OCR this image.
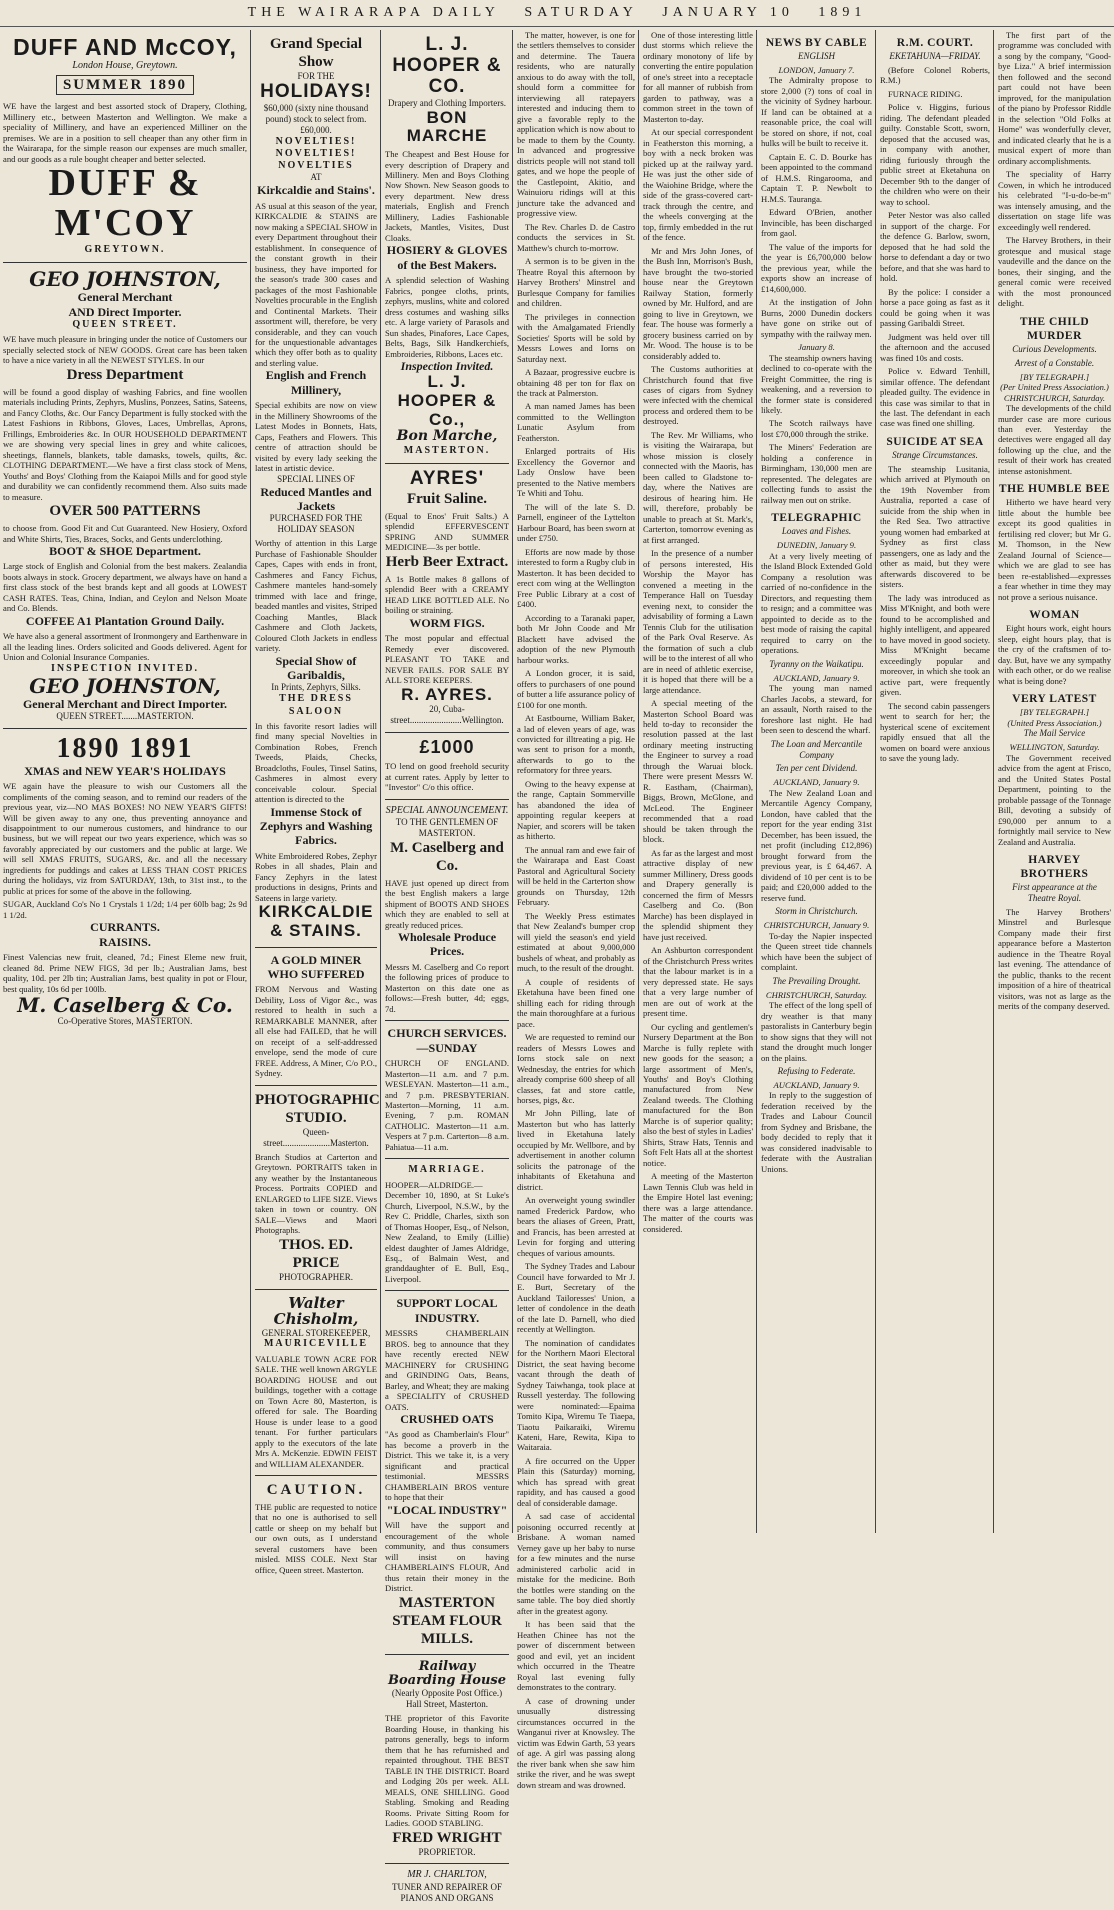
THE WAIRARAPA DAILY SATURDAY JANUARY 10 1891
DUFF AND McCOY,
London House, Greytown.
SUMMER 1890
WE have the largest and best assorted stock of Drapery, Clothing, Millinery etc., between Masterton and Wellington. We make a speciality of Millinery, and have an experienced Milliner on the premises. We are in a position to sell cheaper than any other firm in the Wairarapa, for the simple reason our expenses are much smaller, and our goods as a rule bought cheaper and better selected.
DUFF & M'COY
GREYTOWN.
GEO JOHNSTON,
General Merchant
AND Direct Importer.
QUEEN STREET.
WE have much pleasure in bringing under the notice of Customers our specially selected stock of NEW GOODS. Great care has been taken to have a nice variety in all the NEWEST STYLES. In our
Dress Department
will be found a good display of washing Fabrics, and fine woollen materials including Prints, Zephyrs, Muslins, Ponzees, Satins, Sateens, and Fancy Cloths, &c. Our Fancy Department is fully stocked with the Latest Fashions in Ribbons, Gloves, Laces, Umbrellas, Aprons, Frillings, Embroideries &c. In OUR HOUSEHOLD DEPARTMENT we are showing very special lines in grey and white calicoes, sheetings, flannels, blankets, table damasks, towels, quilts, &c. CLOTHING DEPARTMENT.—We have a first class stock of Mens, Youths' and Boys' Clothing from the Kaiapoi Mills and for good style and durability we can confidently recommend them. Also suits made to measure.
OVER 500 PATTERNS
to choose from. Good Fit and Cut Guaranteed. New Hosiery, Oxford and White Shirts, Ties, Braces, Socks, and Gents underclothing.
BOOT & SHOE Department.
Large stock of English and Colonial from the best makers. Zealandia boots always in stock. Grocery department, we always have on hand a first class stock of the best brands kept and all goods at LOWEST CASH RATES. Teas, China, Indian, and Ceylon and Nelson Moate and Co. Blends.
COFFEE A1 Plantation Ground Daily.
We have also a general assortment of Ironmongery and Earthenware in all the leading lines. Orders solicited and Goods delivered. Agent for Union and Colonial Insurance Companies.
INSPECTION INVITED.
GEO JOHNSTON,
General Merchant and Direct Importer.
QUEEN STREET.......MASTERTON.
1890 1891
XMAS and NEW YEAR'S HOLIDAYS
WE again have the pleasure to wish our Customers all the compliments of the coming season, and to remind our readers of the previous year, viz—NO MAS BOXES! NO NEW YEAR'S GIFTS! Will be given away to any one, thus preventing annoyance and disappointment to our numerous customers, and hindrance to our business, but we will repeat our two years experience, which was so favorably appreciated by our customers and the public at large. We will sell XMAS FRUITS, SUGARS, &c. and all the necessary ingredients for puddings and cakes at LESS THAN COST PRICES during the holidays, viz from SATURDAY, 13th, to 31st inst., to the public at prices for some of the above in the following.
SUGAR, Auckland Co's No 1 Crystals 1 1/2d; 1/4 per 60lb bag; 2s 9d 1 1/2d.
CURRANTS.
RAISINS.
Finest Valencias new fruit, cleaned, 7d.; Finest Eleme new fruit, cleaned 8d. Prime NEW FIGS, 3d per lb.; Australian Jams, best quality, 10d. per 2lb tin; Australian Jams, best quality in pot or Flour, best quality, 10s 6d per 100lb.
M. Caselberg & Co.
Co-Operative Stores, MASTERTON.
Grand Special Show
FOR THE
HOLIDAYS!
$60,000 (sixty nine thousand pound) stock to select from. £60,000.
NOVELTIES!
NOVELTIES!
NOVELTIES
AT
Kirkcaldie and Stains'.
AS usual at this season of the year, KIRKCALDIE & STAINS are now making a SPECIAL SHOW in every Department throughout their establishment. In consequence of the constant growth in their business, they have imported for the season's trade 300 cases and packages of the most Fashionable Novelties procurable in the English and Continental Markets. Their assortment will, therefore, be very considerable, and they can vouch for the unquestionable advantages which they offer both as to quality and sterling value.
English and French Millinery,
Special exhibits are now on view in the Millinery Showrooms of the Latest Modes in Bonnets, Hats, Caps, Feathers and Flowers. This centre of attraction should be visited by every lady seeking the latest in artistic device.
SPECIAL LINES OF
Reduced Mantles and Jackets
PURCHASED FOR THE HOLIDAY SEASON
Worthy of attention in this Large Purchase of Fashionable Shoulder Capes, Capes with ends in front, Cashmeres and Fancy Fichus, Cashmere manteles hand-somely trimmed with lace and fringe, beaded mantles and visites, Striped Coaching Mantles, Black Cashmere and Cloth Jackets, Coloured Cloth Jackets in endless variety.
Special Show of Garibaldis,
In Prints, Zephyrs, Silks.
THE DRESS SALOON
In this favorite resort ladies will find many special Novelties in Combination Robes, French Tweeds, Plaids, Checks, Broadcloths, Foules, Tinsel Satins, Cashmeres in almost every conceivable colour. Special attention is directed to the
Immense Stock of Zephyrs and Washing Fabrics.
White Embroidered Robes, Zephyr Robes in all shades, Plain and Fancy Zephyrs in the latest productions in designs, Prints and Sateens in large variety.
KIRKCALDIE & STAINS.
A GOLD MINER WHO SUFFERED
FROM Nervous and Wasting Debility, Loss of Vigor &c., was restored to health in such a REMARKABLE MANNER, after all else had FAILED, that he will on receipt of a self-addressed envelope, send the mode of cure FREE. Address, A Miner, C/o P.O., Sydney.
PHOTOGRAPHIC STUDIO.
Queen-street.....................Masterton.
Branch Studios at Carterton and Greytown. PORTRAITS taken in any weather by the Instantaneous Process. Portraits COPIED and ENLARGED to LIFE SIZE. Views taken in town or country. ON SALE—Views and Maori Photographs.
THOS. ED. PRICE
PHOTOGRAPHER.
Walter Chisholm,
GENERAL STOREKEEPER,
MAURICEVILLE
VALUABLE TOWN ACRE FOR SALE. THE well known ARGYLE BOARDING HOUSE and out buildings, together with a cottage on Town Acre 80, Masterton, is offered for sale. The Boarding House is under lease to a good tenant. For further particulars apply to the executors of the late Mrs A. McKenzie. EDWIN FEIST and WILLIAM ALEXANDER.
CAUTION.
THE public are requested to notice that no one is authorised to sell cattle or sheep on my behalf but our own outs, as I understand several customers have been misled. MISS COLE. Next Star office, Queen street. Masterton.
L. J. HOOPER & CO.
Drapery and Clothing Importers.
BON MARCHE
The Cheapest and Best House for every description of Drapery and Millinery. Men and Boys Clothing Now Shown. New Season goods to every department. New dress materials, English and French Millinery, Ladies Fashionable Jackets, Mantles, Visites, Dust Cloaks.
HOSIERY & GLOVES of the Best Makers.
A splendid selection of Washing Fabrics, pongee cloths, prints, zephyrs, muslins, white and colored dress costumes and washing silks etc. A large variety of Parasols and Sun shades, Pinafores, Lace Capes, Belts, Bags, Silk Handkerchiefs, Embroideries, Ribbons, Laces etc.
Inspection Invited.
L. J. HOOPER & Co.,
Bon Marche,
MASTERTON.
AYRES'
Fruit Saline.
(Equal to Enos' Fruit Salts.) A splendid EFFERVESCENT SPRING AND SUMMER MEDICINE—3s per bottle.
Herb Beer Extract.
A 1s Bottle makes 8 gallons of splendid Beer with a CREAMY HEAD LIKE BOTTLED ALE. No boiling or straining.
WORM FIGS.
The most popular and effectual Remedy ever discovered. PLEASANT TO TAKE and NEVER FAILS. FOR SALE BY ALL STORE KEEPERS.
R. AYRES.
20, Cuba-street.......................Wellington.
£1000
TO lend on good freehold security at current rates. Apply by letter to "Investor" C/o this office.
SPECIAL ANNOUNCEMENT.
TO THE GENTLEMEN OF MASTERTON.
M. Caselberg and Co.
HAVE just opened up direct from the best English makers a large shipment of BOOTS AND SHOES which they are enabled to sell at greatly reduced prices.
Wholesale Produce Prices.
Messrs M. Caselberg and Co report the following prices of produce to Masterton on this date one as follows:—Fresh butter, 4d; eggs, 7d.
CHURCH SERVICES.—SUNDAY
CHURCH OF ENGLAND. Masterton—11 a.m. and 7 p.m. WESLEYAN. Masterton—11 a.m., and 7 p.m. PRESBYTERIAN. Masterton—Morning, 11 a.m. Evening, 7 p.m. ROMAN CATHOLIC. Masterton—11 a.m. Vespers at 7 p.m. Carterton—8 a.m. Pahiatua—11 a.m.
MARRIAGE.
HOOPER—ALDRIDGE.—December 10, 1890, at St Luke's Church, Liverpool, N.S.W., by the Rev C. Priddle, Charles, sixth son of Thomas Hooper, Esq., of Nelson, New Zealand, to Emily (Lillie) eldest daughter of James Aldridge, Esq., of Balmain West, and granddaughter of E. Bull, Esq., Liverpool.
SUPPORT LOCAL INDUSTRY.
MESSRS CHAMBERLAIN BROS. beg to announce that they have recently erected NEW MACHINERY for CRUSHING and GRINDING Oats, Beans, Barley, and Wheat; they are making a SPECIALITY of CRUSHED OATS.
CRUSHED OATS
"As good as Chamberlain's Flour" has become a proverb in the District. This we take it, is a very significant and practical testimonial. MESSRS CHAMBERLAIN BROS venture to hope that their
"LOCAL INDUSTRY"
Will have the support and encouragement of the whole community, and thus consumers will insist on having CHAMBERLAIN'S FLOUR, And thus retain their money in the District.
MASTERTON STEAM FLOUR MILLS.
Railway Boarding House
(Nearly Opposite Post Office.) Hall Street, Masterton.
THE proprietor of this Favorite Boarding House, in thanking his patrons generally, begs to inform them that he has refurnished and repainted throughout. THE BEST TABLE IN THE DISTRICT. Board and Lodging 20s per week. ALL MEALS, ONE SHILLING. Good Stabling. Smoking and Reading Rooms. Private Sitting Room for Ladies. GOOD STABLING.
FRED WRIGHT
PROPRIETOR.
MR J. CHARLTON,
TUNER AND REPAIRER OF PIANOS AND ORGANS

The matter, however, is one for the settlers themselves to consider and determine. The Tauera residents, who are naturally anxious to do away with the toll, should form a committee for interviewing all ratepayers interested and inducing them to give a favorable reply to the application which is now about to be made to them by the County. In advanced and progressive districts people will not stand toll gates, and we hope the people of the Castlepoint, Akitio, and Wainuioru ridings will at this juncture take the advanced and progressive view.

The Rev. Charles D. de Castro conducts the services in St. Matthew's church to-morrow.

A sermon is to be given in the Theatre Royal this afternoon by Harvey Brothers' Minstrel and Burlesque Company for families and children.

The privileges in connection with the Amalgamated Friendly Societies' Sports will be sold by Messrs Lowes and Iorns on Saturday next.

A Bazaar, progressive eucbre is obtaining 48 per ton for flax on the track at Palmerston.

A man named James has been committed to the Wellington Lunatic Asylum from Featherston.

Enlarged portraits of His Excellency the Governor and Lady Onslow have been presented to the Native members Te Whiti and Tohu.

The will of the late S. D. Parnell, engineer of the Lyttelton Harbour Board, has been sworn at under £750.

Efforts are now made by those interested to form a Rugby club in Masterton. It has been decided to erect com wing at the Wellington Free Public Library at a cost of £400.

According to a Taranaki paper, both Mr John Coode and Mr Blackett have advised the adoption of the new Plymouth harbour works.

A London grocer, it is said, offers to purchasers of one pound of butter a life assurance policy of £100 for one month.

At Eastbourne, William Baker, a lad of eleven years of age, was convicted for illtreating a pig. He was sent to prison for a month, afterwards to go to the reformatory for three years.

Owing to the heavy expense at the range, Captain Sommerville has abandoned the idea of appointing regular keepers at Napier, and scorers will be taken as hitherto.

The annual ram and ewe fair of the Wairarapa and East Coast Pastoral and Agricultural Society will be held in the Carterton show grounds on Thursday, 12th February.

The Weekly Press estimates that New Zealand's bumper crop will yield the season's end yield estimated at about 9,000,000 bushels of wheat, and probably as much, to the result of the drought.

A couple of residents of Eketahuna have been fined one shilling each for riding through the main thoroughfare at a furious pace.

We are requested to remind our readers of Messrs Lowes and Iorns stock sale on next Wednesday, the entries for which already comprise 600 sheep of all classes, fat and store cattle, horses, pigs, &c.

Mr John Pilling, late of Masterton but who has latterly lived in Eketahuna lately occupied by Mr. Wellbore, and by advertisement in another column solicits the patronage of the inhabitants of Eketahuna and district.

An overweight young swindler named Frederick Pardow, who bears the aliases of Green, Pratt, and Francis, has been arrested at Levin for forging and uttering cheques of various amounts.

The Sydney Trades and Labour Council have forwarded to Mr J. E. Burt, Secretary of the Auckland Tailoresses' Union, a letter of condolence in the death of the late D. Parnell, who died recently at Wellington.

The nomination of candidates for the Northern Maori Electoral District, the seat having become vacant through the death of Sydney Taiwhanga, took place at Russell yesterday. The following were nominated:—Epaima Tomito Kipa, Wiremu Te Tiaepa, Tiaotu Paikaraiki, Wiremu Kateni, Hare, Rewita, Kipa to Waitaraia.

A fire occurred on the Upper Plain this (Saturday) morning, which has spread with great rapidity, and has caused a good deal of considerable damage.

A sad case of accidental poisoning occurred recently at Brisbane. A woman named Verney gave up her baby to nurse for a few minutes and the nurse administered carbolic acid in mistake for the medicine. Both the bottles were standing on the same table. The boy died shortly after in the greatest agony.

It has been said that the Heathen Chinee has not the power of discernment between good and evil, yet an incident which occurred in the Theatre Royal last evening fully demonstrates to the contrary.

A case of drowning under unusually distressing circumstances occurred in the Wanganui river at Knowsley. The victim was Edwin Garth, 53 years of age. A girl was passing along the river bank when she saw him strike the river, and he was swept down stream and was drowned.

One of those interesting little dust storms which relieve the ordinary monotony of life by converting the entire population of one's street into a receptacle for all manner of rubbish from garden to pathway, was a common street in the town of Masterton to-day.

At our special correspondent in Featherston this morning, a boy with a neck broken was picked up at the railway yard. He was just the other side of the Waiohine Bridge, where the side of the grass-covered cart-track through the centre, and the wheels converging at the top, firmly embedded in the rut of the fence.

Mr and Mrs John Jones, of the Bush Inn, Morrison's Bush, have brought the two-storied house near the Greytown Railway Station, formerly owned by Mr. Hulford, and are going to live in Greytown, we fear. The house was formerly a grocery business carried on by Mr. Wood. The house is to be considerably added to.

The Customs authorities at Christchurch found that five cases of cigars from Sydney were infected with the chemical process and ordered them to be destroyed.

The Rev. Mr Williams, who is visiting the Wairarapa, but whose mission is closely connected with the Maoris, has been called to Gladstone to-day, where the Natives are desirous of hearing him. He will, therefore, probably be unable to preach at St. Mark's, Carterton, tomorrow evening as at first arranged.

In the presence of a number of persons interested, His Worship the Mayor has convened a meeting in the Temperance Hall on Tuesday evening next, to consider the advisability of forming a Lawn Tennis Club for the utilisation of the Park Oval Reserve. As the formation of such a club will be to the interest of all who are in need of athletic exercise, it is hoped that there will be a large attendance.

A special meeting of the Masterton School Board was held to-day to reconsider the resolution passed at the last ordinary meeting instructing the Engineer to survey a road through the Waruai block. There were present Messrs W. R. Eastham, (Chairman), Biggs, Brown, McGlone, and McLeod. The Engineer recommended that a road should be taken through the block.

As far as the largest and most attractive display of new summer Millinery, Dress goods and Drapery generally is concerned the firm of Messrs Caselberg and Co. (Bon Marche) has been displayed in the splendid shipment they have just received.

An Ashburton correspondent of the Christchurch Press writes that the labour market is in a very depressed state. He says that a very large number of men are out of work at the present time.

Our cycling and gentlemen's Nursery Department at the Bon Marche is fully replete with new goods for the season; a large assortment of Men's, Youths' and Boy's Clothing manufactured from New Zealand tweeds. The Clothing manufactured for the Bon Marche is of superior quality; also the best of styles in Ladies' Shirts, Straw Hats, Tennis and Soft Felt Hats all at the shortest notice.

A meeting of the Masterton Lawn Tennis Club was held in the Empire Hotel last evening; there was a large attendance. The matter of the courts was considered.

NEWS BY CABLE
ENGLISH
LONDON, January 7.

The Admiralty propose to store 2,000 (?) tons of coal in the vicinity of Sydney harbour. If land can be obtained at a reasonable price, the coal will be stored on shore, if not, coal hulks will be built to receive it.

Captain E. C. D. Bourke has been appointed to the command of H.M.S. Ringarooma, and Captain T. P. Newbolt to H.M.S. Tauranga.

Edward O'Brien, another Invincible, has been discharged from gaol.

The value of the imports for the year is £6,700,000 below the previous year, while the exports show an increase of £14,600,000.

At the instigation of John Burns, 2000 Dunedin dockers have gone on strike out of sympathy with the railway men.

January 8.

The steamship owners having declined to co-operate with the Freight Committee, the ring is weakening, and a reversion to the former state is considered likely.

The Scotch railways have lost £70,000 through the strike.

The Miners' Federation are holding a conference in Birmingham, 130,000 men are represented. The delegates are collecting funds to assist the railway men out on strike.

TELEGRAPHIC
Loaves and Fishes.
DUNEDIN, January 9.

At a very lively meeting of the Island Block Extended Gold Company a resolution was carried of no-confidence in the Directors, and requesting them to resign; and a committee was appointed to decide as to the best mode of raising the capital required to carry on the operations.

Tyranny on the Waikatipu.
AUCKLAND, January 9.

The young man named Charles Jacobs, a steward, for an assault, North raised to the foreshore last night. He had been seen to descend the wharf.

The Loan and Mercantile Company
Ten per cent Dividend.
AUCKLAND, January 9.

The New Zealand Loan and Mercantile Agency Company, London, have cabled that the report for the year ending 31st December, has been issued, the net profit (including £12,896) brought forward from the previous year, is £ 64,467. A dividend of 10 per cent is to be paid; and £20,000 added to the reserve fund.

Storm in Christchurch.
CHRISTCHURCH, January 9.

To-day the Napier inspected the Queen street tide channels which have been the subject of complaint.

The Prevailing Drought.
CHRISTCHURCH, Saturday.

The effect of the long spell of dry weather is that many pastoralists in Canterbury begin to show signs that they will not stand the drought much longer on the plains.

Refusing to Federate.
AUCKLAND, January 9.

In reply to the suggestion of federation received by the Trades and Labour Council from Sydney and Brisbane, the body decided to reply that it was considered inadvisable to federate with the Australian Unions.

R.M. COURT.
EKETAHUNA—FRIDAY.

(Before Colonel Roberts, R.M.)

FURNACE RIDING.

Police v. Higgins, furious riding. The defendant pleaded guilty. Constable Scott, sworn, deposed that the accused was, in company with another, riding furiously through the public street at Eketahuna on December 9th to the danger of the children who were on their way to school.

Peter Nestor was also called in support of the charge. For the defence G. Barlow, sworn, deposed that he had sold the horse to defendant a day or two before, and that she was hard to hold.

By the police: I consider a horse a pace going as fast as it could be going when it was passing Garibaldi Street.

Judgment was held over till the afternoon and the accused was fined 10s and costs.

Police v. Edward Tenhill, similar offence. The defendant pleaded guilty. The evidence in this case was similar to that in the last. The defendant in each case was fined one shilling.

SUICIDE AT SEA
Strange Circumstances.

The steamship Lusitania, which arrived at Plymouth on the 19th November from Australia, reported a case of suicide from the ship when in the Red Sea. Two attractive young women had embarked at Sydney as first class passengers, one as lady and the other as maid, but they were afterwards discovered to be sisters.

The lady was introduced as Miss M'Knight, and both were found to be accomplished and highly intelligent, and appeared to have moved in good society. Miss M'Knight became exceedingly popular and moreover, in which she took an active part, were frequently given.

The second cabin passengers went to search for her; the hysterical scene of excitement rapidly ensued that all the women on board were anxious to save the young lady.

The first part of the programme was concluded with a song by the company, "Good-bye Liza." A brief intermission then followed and the second part could not have been improved, for the manipulation of the piano by Professor Riddle in the selection "Old Folks at Home" was wonderfully clever, and indicated clearly that he is a musical expert of more than ordinary accomplishments.

The speciality of Harry Cowen, in which he introduced his celebrated "I-u-do-be-m" was intensely amusing, and the dissertation on stage life was exceedingly well rendered.

The Harvey Brothers, in their grotesque and musical stage vaudeville and the dance on the bones, their singing, and the general comic were received with the most pronounced delight.

THE CHILD MURDER
Curious Developments.
Arrest of a Constable.
[BY TELEGRAPH.]
(Per United Press Association.)
CHRISTCHURCH, Saturday.

The developments of the child murder case are more curious than ever. Yesterday the detectives were engaged all day following up the clue, and the result of their work has created intense astonishment.

THE HUMBLE BEE

Hitherto we have heard very little about the humble bee except its good qualities in fertilising red clover; but Mr G. M. Thomson, in the New Zealand Journal of Science—which we are glad to see has been re-established—expresses a fear whether in time they may not prove a serious nuisance.

WOMAN

Eight hours work, eight hours sleep, eight hours play, that is the cry of the craftsmen of to-day. But, have we any sympathy with each other, or do we realise what is being done?

VERY LATEST
[BY TELEGRAPH.]
(United Press Association.)
The Mail Service
WELLINGTON, Saturday.

The Government received advice from the agent at Frisco, and the United States Postal Department, pointing to the probable passage of the Tonnage Bill, devoting a subsidy of £90,000 per annum to a fortnightly mail service to New Zealand and Australia.

HARVEY BROTHERS
First appearance at the Theatre Royal.

The Harvey Brothers' Minstrel and Burlesque Company made their first appearance before a Masterton audience in the Theatre Royal last evening. The attendance of the public, thanks to the recent imposition of a hire of theatrical visitors, was not as large as the merits of the company deserved.
